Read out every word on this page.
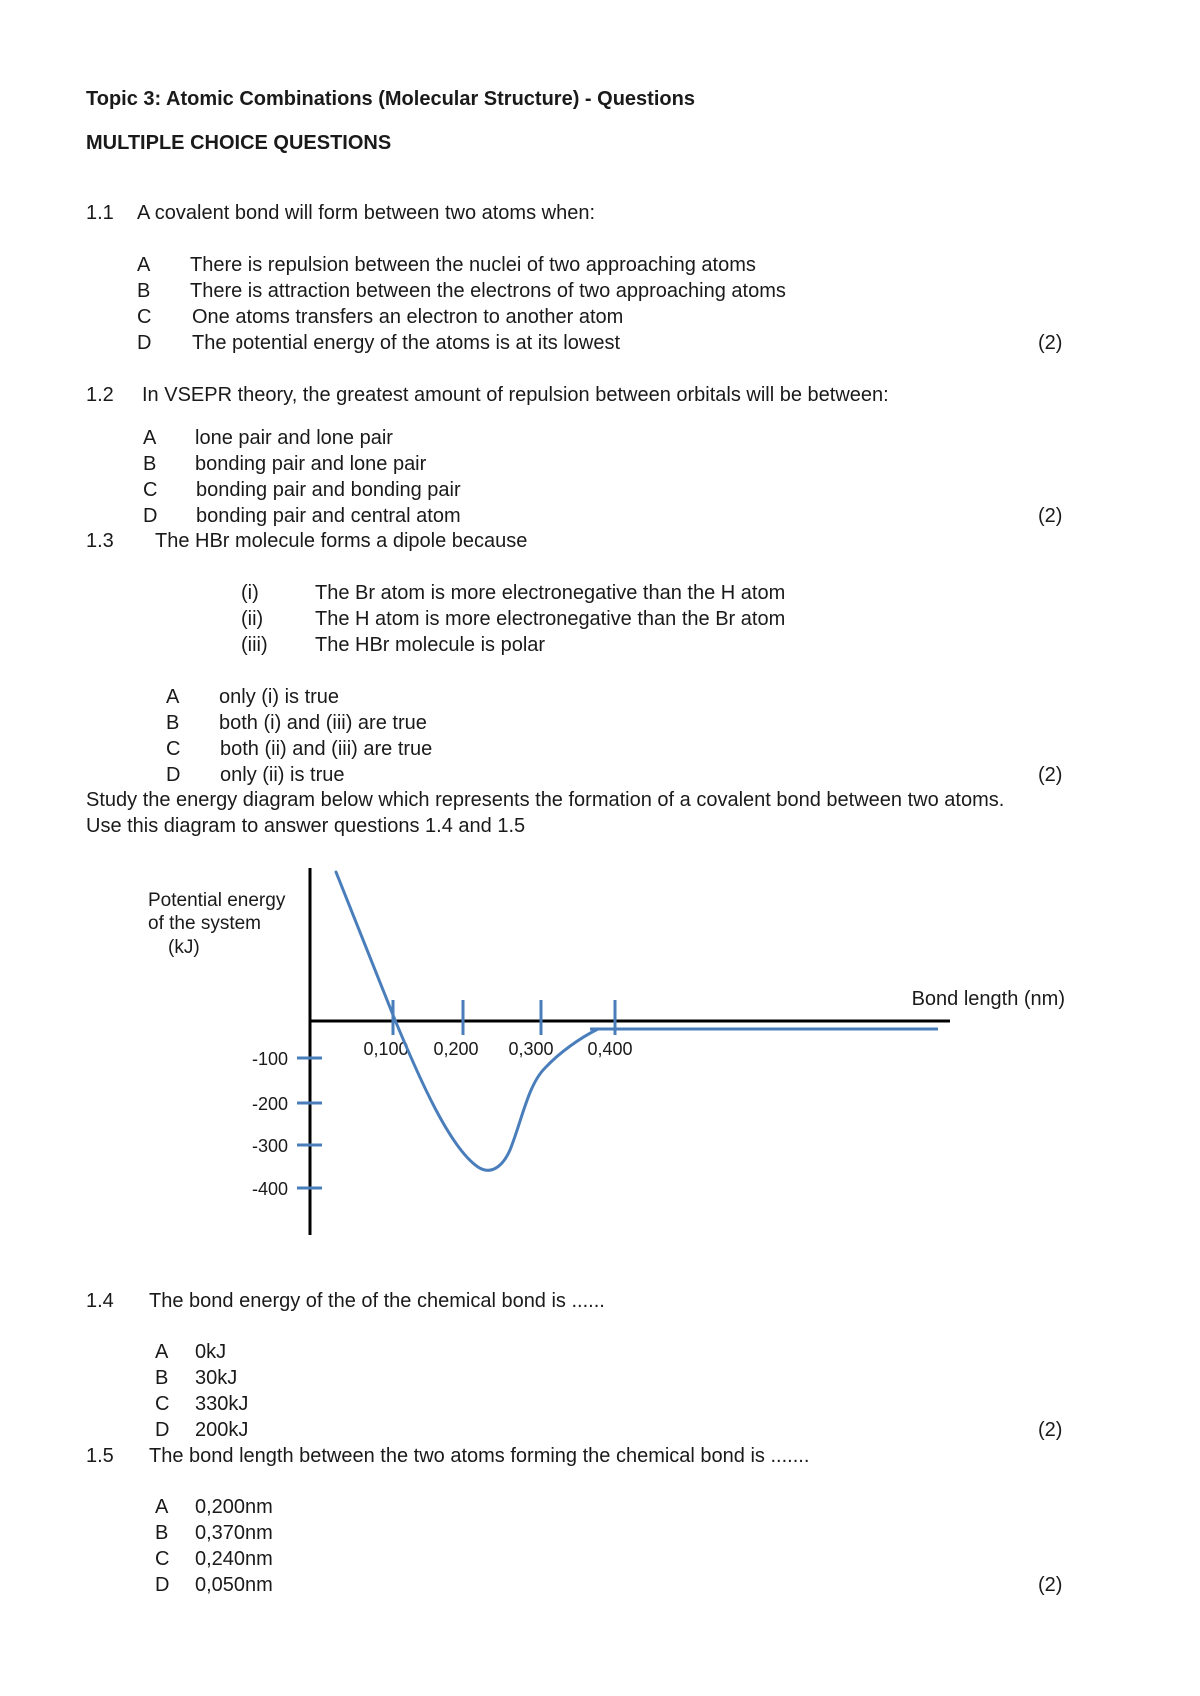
Topic 3: Atomic Combinations (Molecular Structure) - Questions
MULTIPLE CHOICE QUESTIONS
1.1 A covalent bond will form between two atoms when:
A There is repulsion between the nuclei of two approaching atoms
B There is attraction between the electrons of two approaching atoms
C One atoms transfers an electron to another atom
D The potential energy of the atoms is at its lowest	(2)
1.2 In VSEPR theory, the greatest amount of repulsion between orbitals will be between:
A lone pair and lone pair
B bonding pair and lone pair
C bonding pair and bonding pair
D bonding pair and central atom	(2)
1.3 The HBr molecule forms a dipole because
(i)	The Br atom is more electronegative than the H atom
(ii)	The H atom is more electronegative than the Br atom
(iii) The HBr molecule is polar
A only (i) is true
B both (i) and (iii) are true
C both (ii) and (iii) are true
D only (ii) is true	(2)
Study the energy diagram below which represents the formation of a covalent bond between two atoms.
Use this diagram to answer questions 1.4 and 1.5
Potential energy
of the system
(kJ)
Bond length (nm)
0,100 0,200 0,300 0,400
-100
-200
-300
-400
1.4 The bond energy of the of the chemical bond is ......
A 0kJ
B 30kJ
C 330kJ
D 200kJ	(2)
1.5 The bond length between the two atoms forming the chemical bond is .......
A 0,200nm
B 0,370nm
C 0,240nm
D 0,050nm	(2)
